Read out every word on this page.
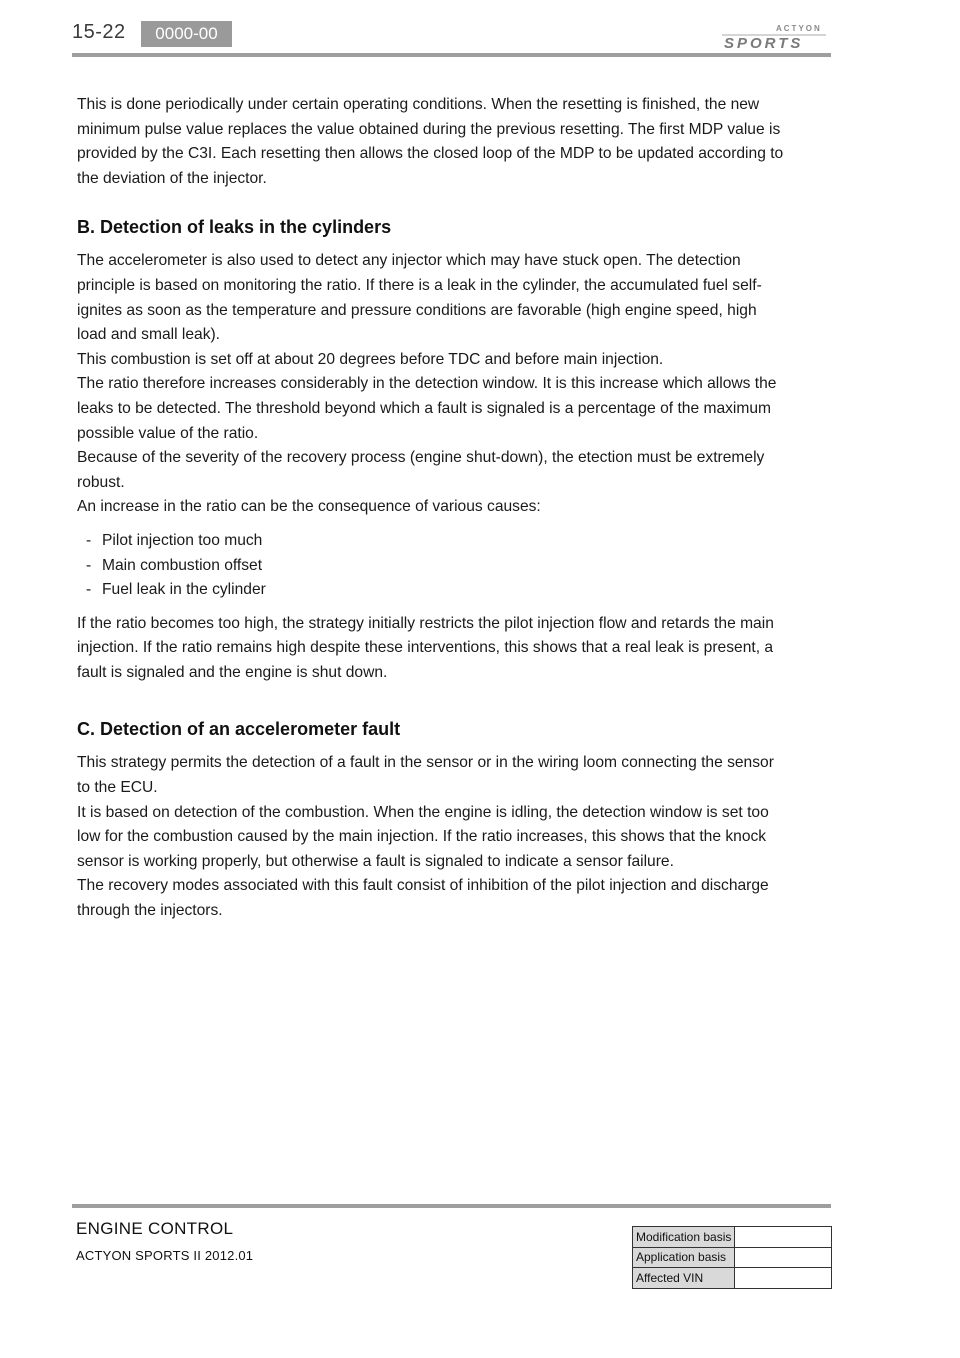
15-22	0000-00	ACTYON
SPORTS

This is done periodically under certain operating conditions. When the resetting is finished, the new minimum pulse value replaces the value obtained during the previous resetting. The first MDP value is provided by the C3I. Each resetting then allows the closed loop of the MDP to be updated according to the deviation of the injector.

B. Detection of leaks in the cylinders

The accelerometer is also used to detect any injector which may have stuck open. The detection principle is based on monitoring the ratio. If there is a leak in the cylinder, the accumulated fuel self-ignites as soon as the temperature and pressure conditions are favorable (high engine speed, high load and small leak).

This combustion is set off at about 20 degrees before TDC and before main injection.

The ratio therefore increases considerably in the detection window. It is this increase which allows the leaks to be detected. The threshold beyond which a fault is signaled is a percentage of the maximum possible value of the ratio.

Because of the severity of the recovery process (engine shut-down), the etection must be extremely robust.

An increase in the ratio can be the consequence of various causes:

- Pilot injection too much
- Main combustion offset
- Fuel leak in the cylinder

If the ratio becomes too high, the strategy initially restricts the pilot injection flow and retards the main injection. If the ratio remains high despite these interventions, this shows that a real leak is present, a fault is signaled and the engine is shut down.

C. Detection of an accelerometer fault

This strategy permits the detection of a fault in the sensor or in the wiring loom connecting the sensor to the ECU.

It is based on detection of the combustion. When the engine is idling, the detection window is set too low for the combustion caused by the main injection. If the ratio increases, this shows that the knock sensor is working properly, but otherwise a fault is signaled to indicate a sensor failure.

The recovery modes associated with this fault consist of inhibition of the pilot injection and discharge through the injectors.

ENGINE CONTROL
ACTYON SPORTS II 2012.01
Modification basis	
Application basis	
Affected VIN	
